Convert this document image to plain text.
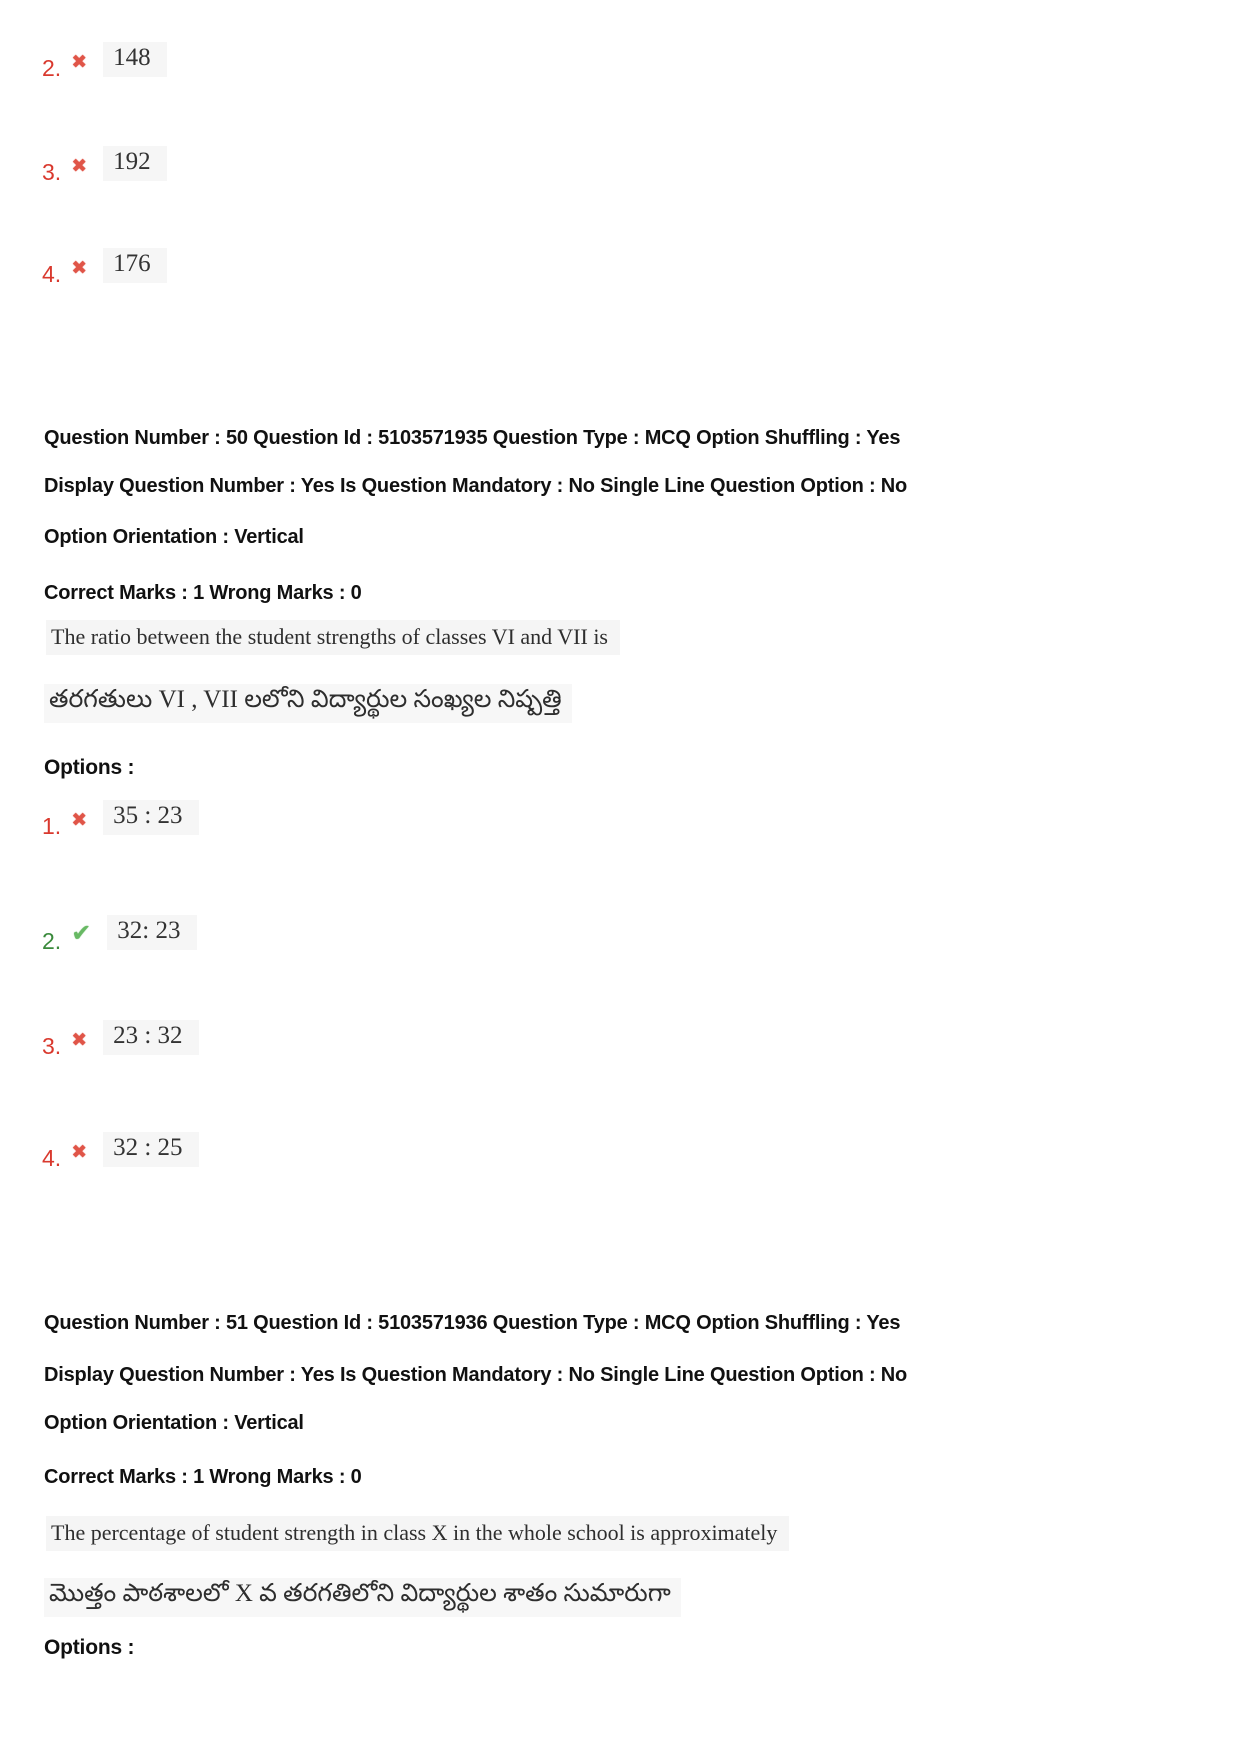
2. ✖	148
3. ✖	192
4. ✖	176
Question Number : 50 Question Id : 5103571935 Question Type : MCQ Option Shuffling : Yes
Display Question Number : Yes Is Question Mandatory : No Single Line Question Option : No
Option Orientation : Vertical
Correct Marks : 1 Wrong Marks : 0
The ratio between the student strengths of classes VI and VII is
తరగతులు VI , VII లలోని విద్యార్థుల సంఖ్యల నిష్పత్తి
Options :
1. ✖	35 : 23
2. ✔	32: 23
3. ✖	23 : 32
4. ✖	32 : 25
Question Number : 51 Question Id : 5103571936 Question Type : MCQ Option Shuffling : Yes
Display Question Number : Yes Is Question Mandatory : No Single Line Question Option : No
Option Orientation : Vertical
Correct Marks : 1 Wrong Marks : 0
The percentage of student strength in class X in the whole school is approximately
మొత్తం పాఠశాలలో X వ తరగతిలోని విద్యార్థుల శాతం సుమారుగా
Options :
